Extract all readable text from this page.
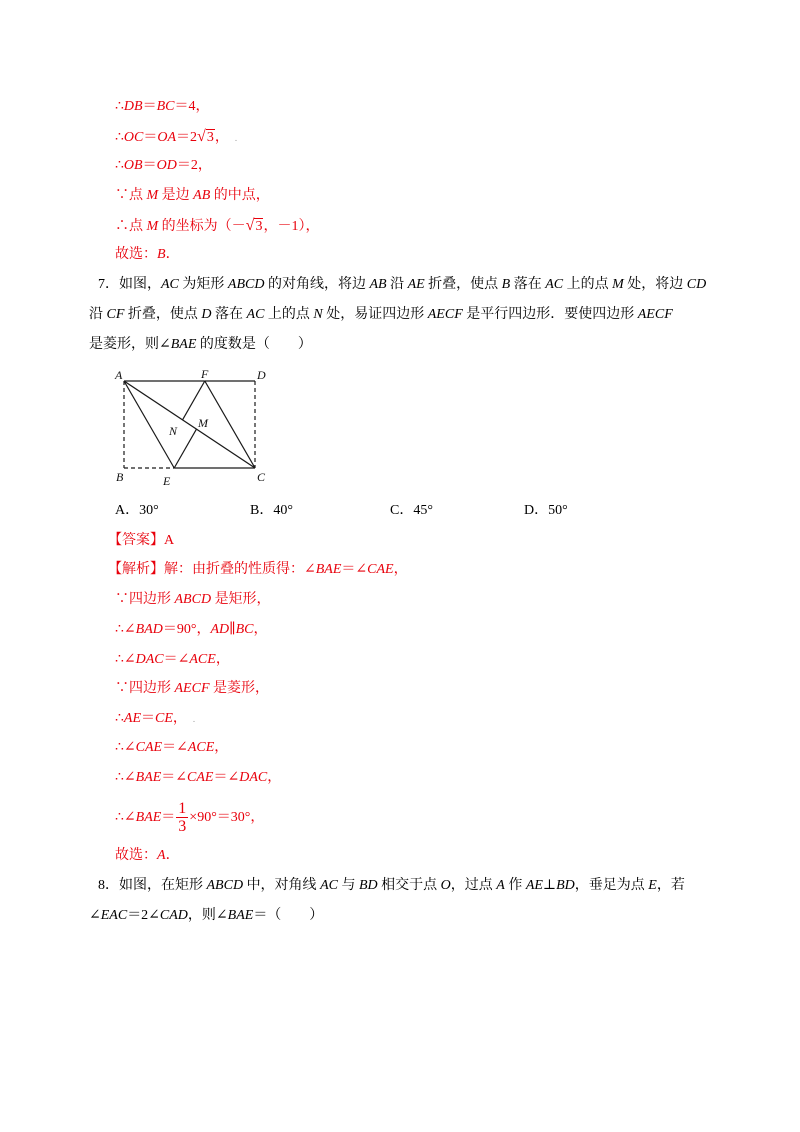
∴DB＝BC＝4，
∴OC＝OA＝2√3， .
∴OB＝OD＝2，
∵点 M 是边 AB 的中点，
∴点 M 的坐标为（－√3，－1），
故选：B．
7．如图，AC 为矩形 ABCD 的对角线，将边 AB 沿 AE 折叠，使点 B 落在 AC 上的点 M 处，将边 CD
沿 CF 折叠，使点 D 落在 AC 上的点 N 处，易证四边形 AECF 是平行四边形．要使四边形 AECF
是菱形，则∠BAE 的度数是（　　）
A	F	D
B	E	C
N
M
A．30°	B．40°	C．45°	D．50°
【答案】A
【解析】解：由折叠的性质得：∠BAE＝∠CAE，
∵四边形 ABCD 是矩形，
∴∠BAD＝90°，AD∥BC，
∴∠DAC＝∠ACE，
∵四边形 AECF 是菱形，
∴AE＝CE， .
∴∠CAE＝∠ACE，
∴∠BAE＝∠CAE＝∠DAC，
∴∠BAE＝ $\frac{1}{3} \times 90^\circ=30^\circ$，
故选：A．
8．如图，在矩形 ABCD 中，对角线 AC 与 BD 相交于点 O，过点 A 作 AE⊥BD，垂足为点 E，若
∠EAC＝2∠CAD，则∠BAE＝（　　）
